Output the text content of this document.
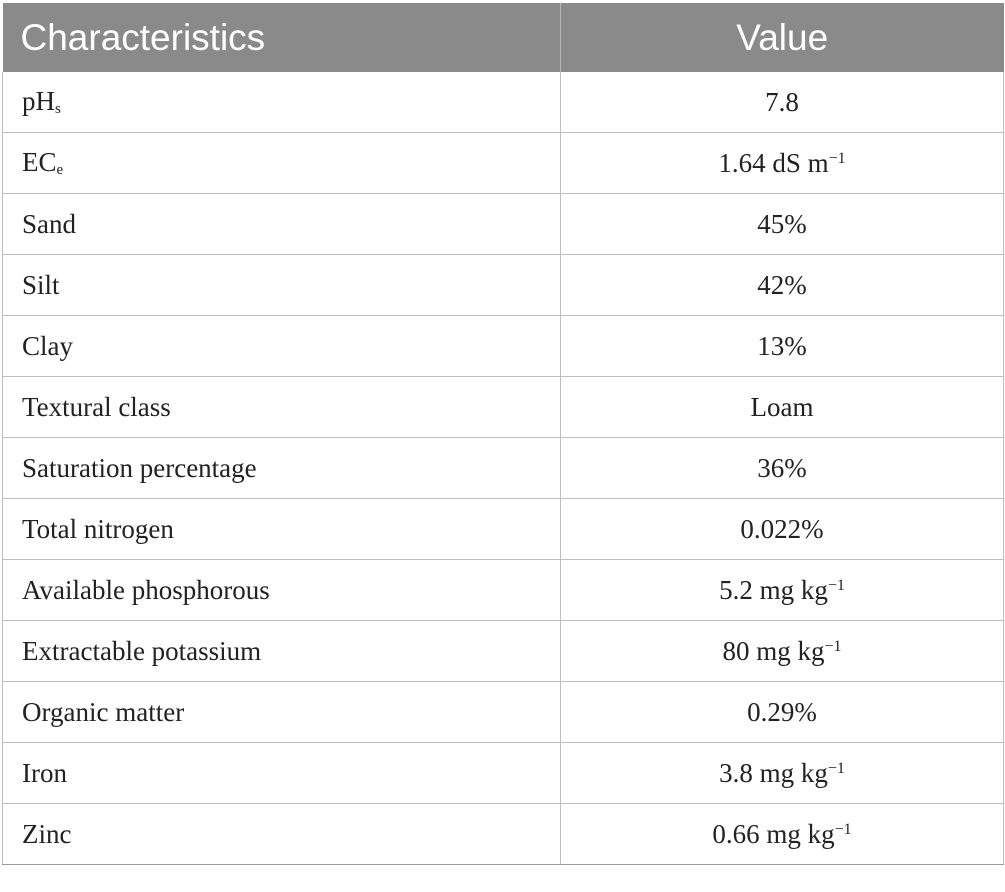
Characteristics	Value
$pH_s$	7.8
$EC_e$	1.64 dS $m^{-1}$
Sand	45%
Silt	42%
Clay	13%
Textural class	Loam
Saturation percentage	36%
Total nitrogen	0.022%
Available phosphorous	5.2 mg $kg^{-1}$
Extractable potassium	80 mg $kg^{-1}$
Organic matter	0.29%
Iron	3.8 mg $kg^{-1}$
Zinc	0.66 mg $kg^{-1}$
